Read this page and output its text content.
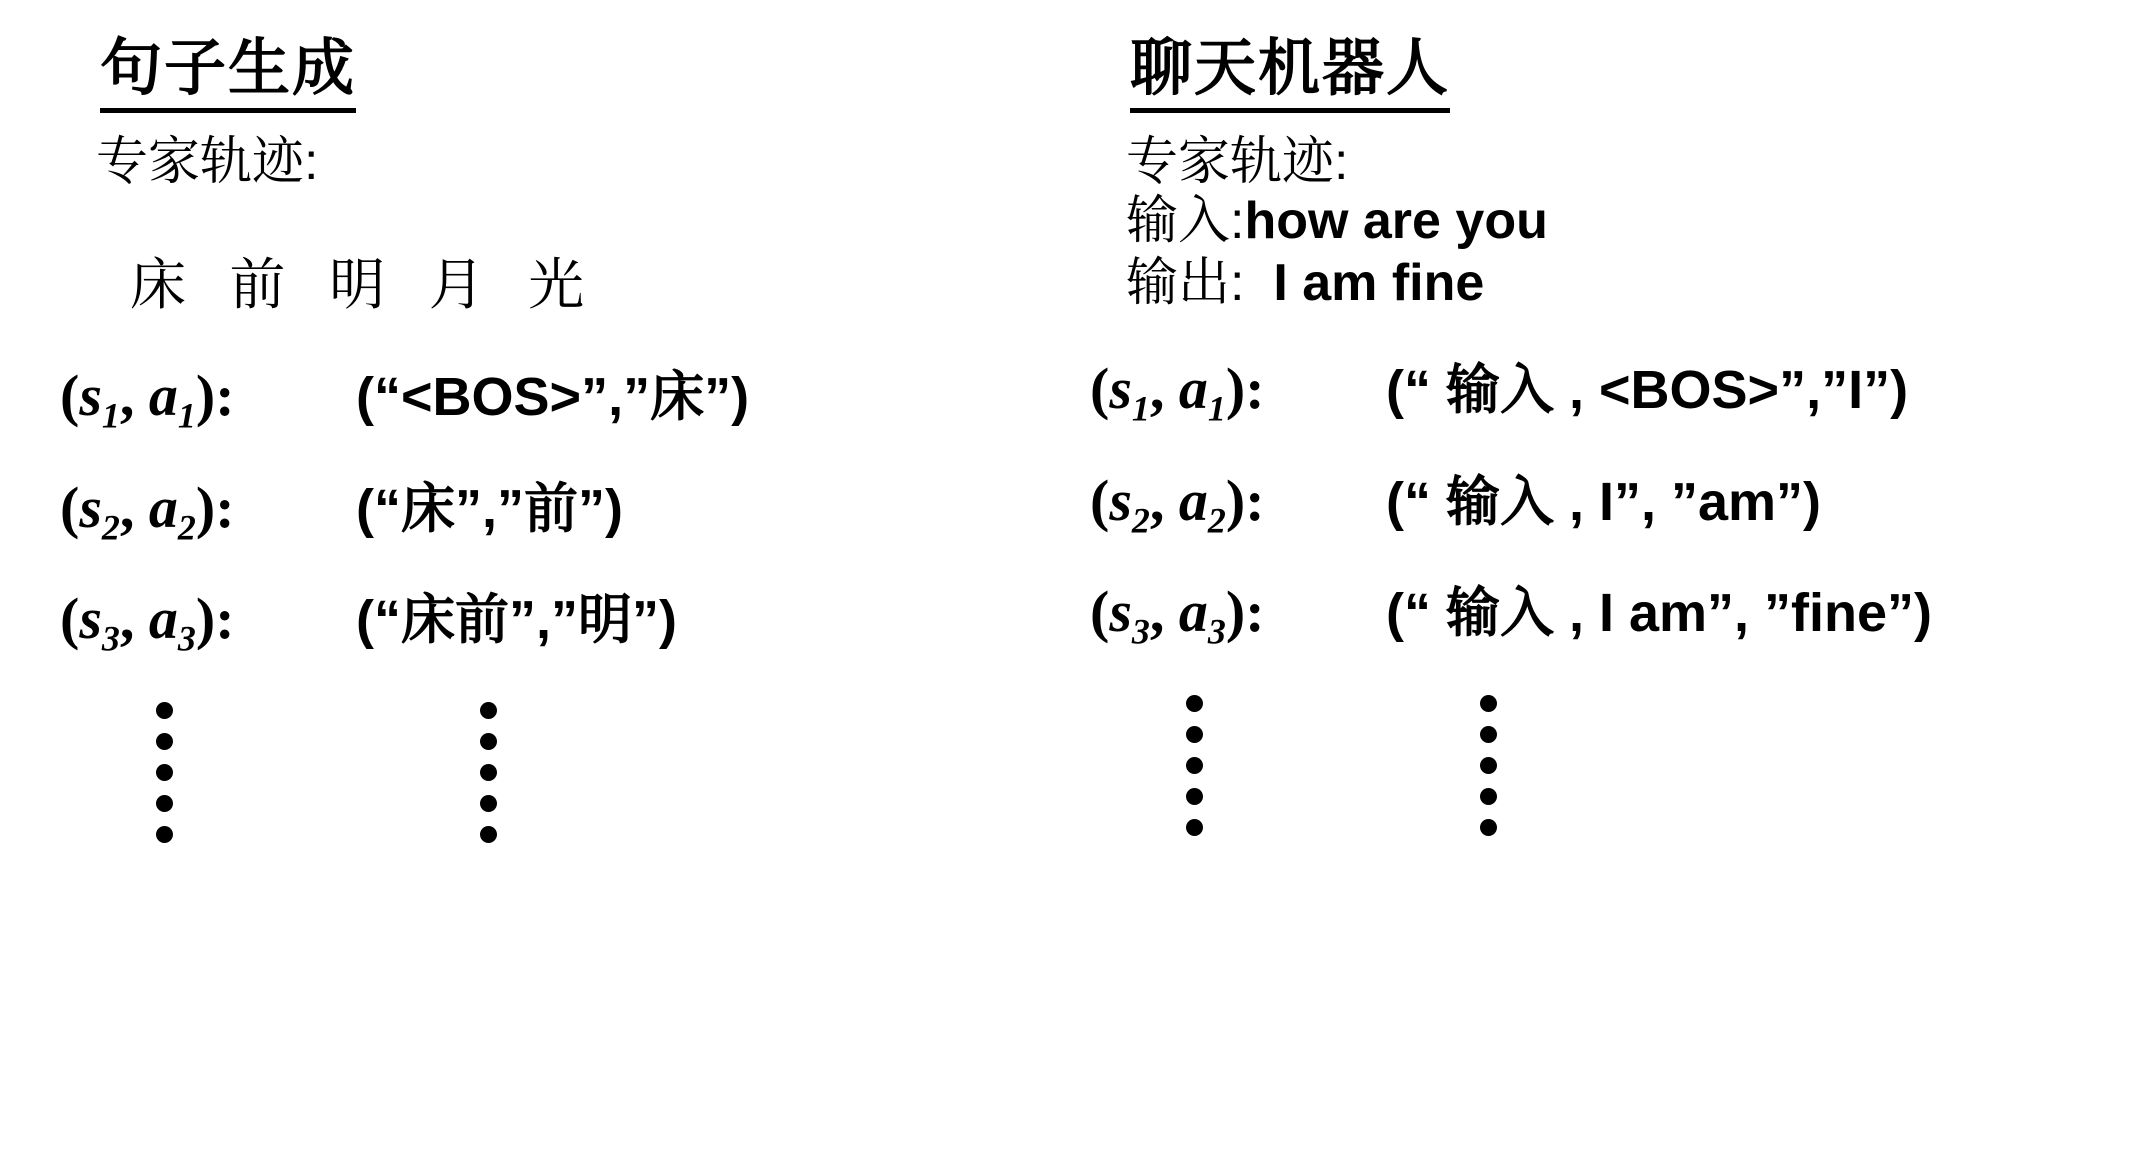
句子生成
专家轨迹:
床 前 明 月 光
($s_1$, $a_1$):	(“<BOS>”,”床”)
($s_2$, $a_2$):	(“床”,”前”)
($s_3$, $a_3$):	(“床前”,”明”)
聊天机器人
专家轨迹:
输入:how are you
输出: I am fine
($s_1$, $a_1$):	(“ 输入 , <BOS>”,”I”)
($s_2$, $a_2$):	(“ 输入 , I”, ”am”)
($s_3$, $a_3$):	(“ 输入 , I am”, ”fine”)
